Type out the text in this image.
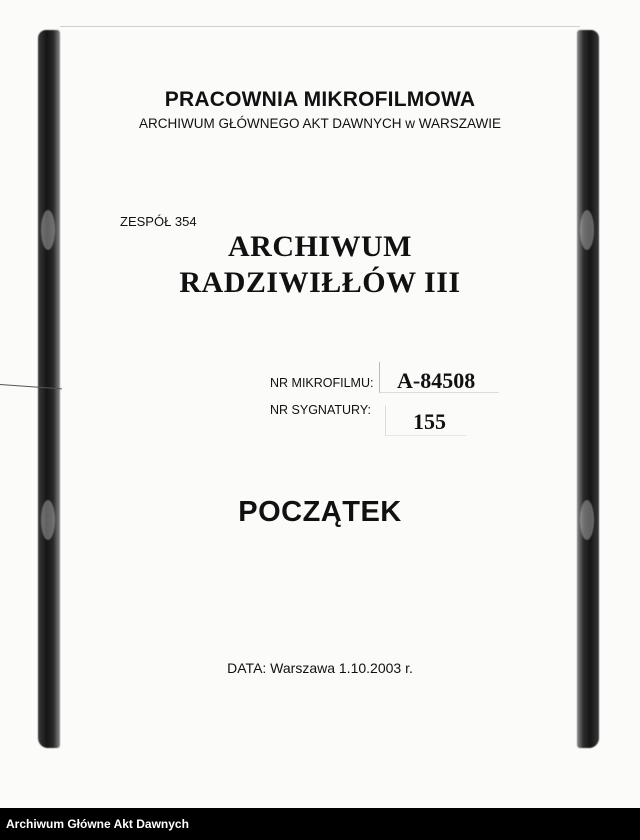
PRACOWNIA MIKROFILMOWA
ARCHIWUM GŁÓWNEGO AKT DAWNYCH w WARSZAWIE
ZESPÓŁ 354
ARCHIWUM
RADZIWIŁŁÓW III
NR MIKROFILMU: A-84508
NR SYGNATURY: 155
POCZĄTEK
DATA: Warszawa 1.10.2003 r.
Archiwum Główne Akt Dawnych
